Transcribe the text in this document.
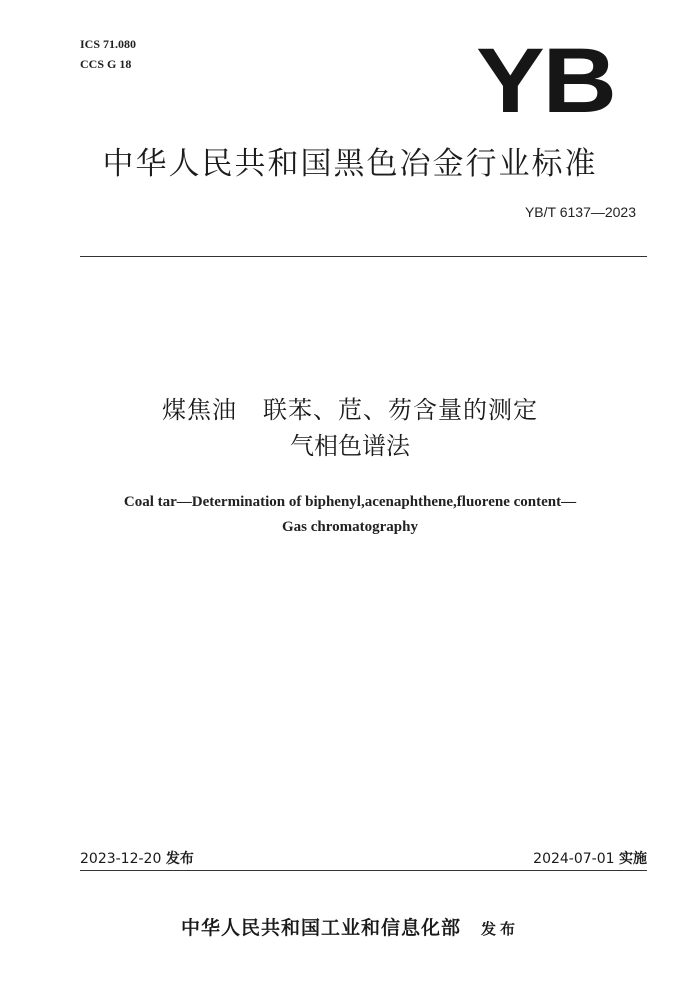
ICS 71.080
CCS G 18	YB
中华人民共和国黑色冶金行业标准
YB/T 6137—2023
煤焦油 联苯、苊、芴含量的测定
气相色谱法
Coal tar—Determination of biphenyl,acenaphthene,fluorene content—
Gas chromatography
2023-12-20 发布	2024-07-01 实施
中华人民共和国工业和信息化部 发布
